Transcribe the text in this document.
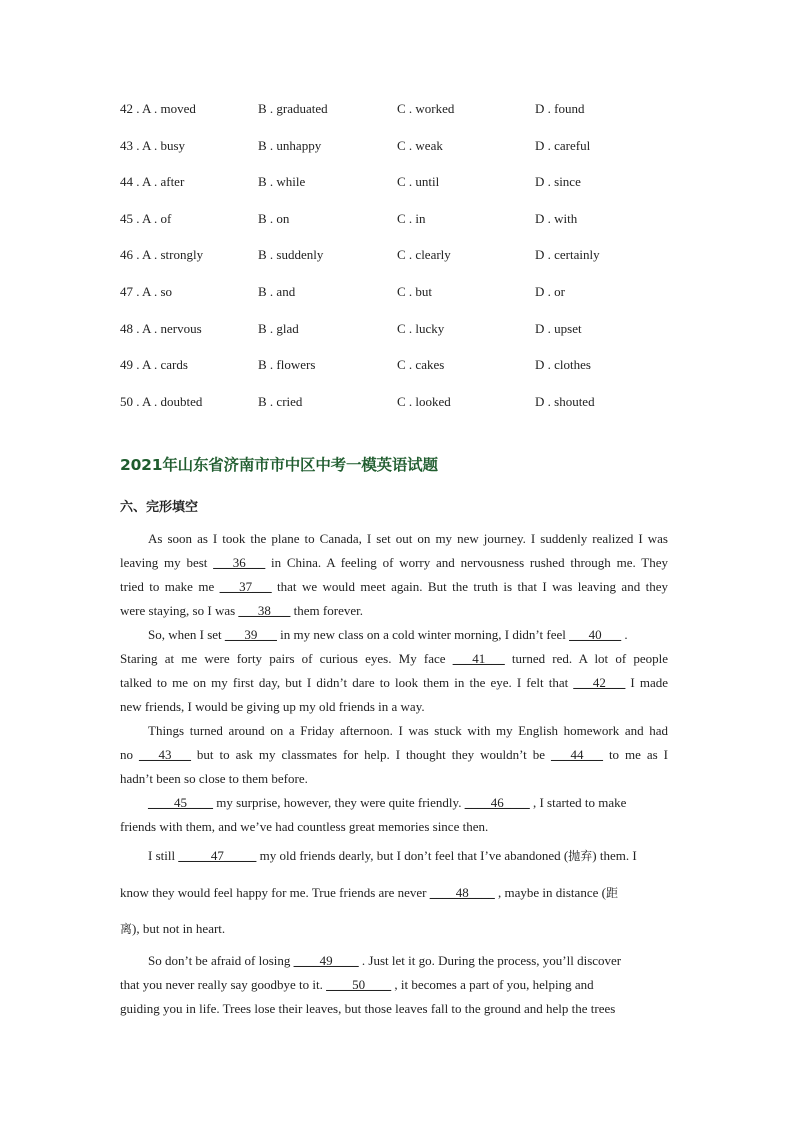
42 . A . moved	B . graduated	C . worked	D . found
43 . A . busy	B . unhappy	C . weak	D . careful
44 . A . after	B . while	C . until	D . since
45 . A . of	B . on	C . in	D . with
46 . A . strongly	B . suddenly	C . clearly	D . certainly
47 . A . so	B . and	C . but	D . or
48 . A . nervous	B . glad	C . lucky	D . upset
49 . A . cards	B . flowers	C . cakes	D . clothes
50 . A . doubted	B . cried	C . looked	D . shouted
2021年山东省济南市市中区中考一模英语试题
六、完形填空
As soon as I took the plane to Canada, I set out on my new journey. I suddenly realized I was
leaving my best ___36___ in China. A feeling of worry and nervousness rushed through me. They
tried to make me ___37___ that we would meet again. But the truth is that I was leaving and they
were staying, so I was ___38___ them forever.
So, when I set ___39___ in my new class on a cold winter morning, I didn’t feel ___40___ .
Staring at me were forty pairs of curious eyes. My face ___41___ turned red. A lot of people
talked to me on my first day, but I didn’t dare to look them in the eye. I felt that ___42___ I made
new friends, I would be giving up my old friends in a way.
Things turned around on a Friday afternoon. I was stuck with my English homework and had
no ___43___ but to ask my classmates for help. I thought they wouldn’t be ___44___ to me as I
hadn’t been so close to them before.
____45____ my surprise, however, they were quite friendly. ____46____ , I started to make
friends with them, and we’ve had countless great memories since then.
I still _____47_____ my old friends dearly, but I don’t feel that I’ve abandoned (抛弃) them. I
know they would feel happy for me. True friends are never ____48____ , maybe in distance (距
离), but not in heart.
So don’t be afraid of losing ____49____ . Just let it go. During the process, you’ll discover
that you never really say goodbye to it. ____50____ , it becomes a part of you, helping and
guiding you in life. Trees lose their leaves, but those leaves fall to the ground and help the trees
